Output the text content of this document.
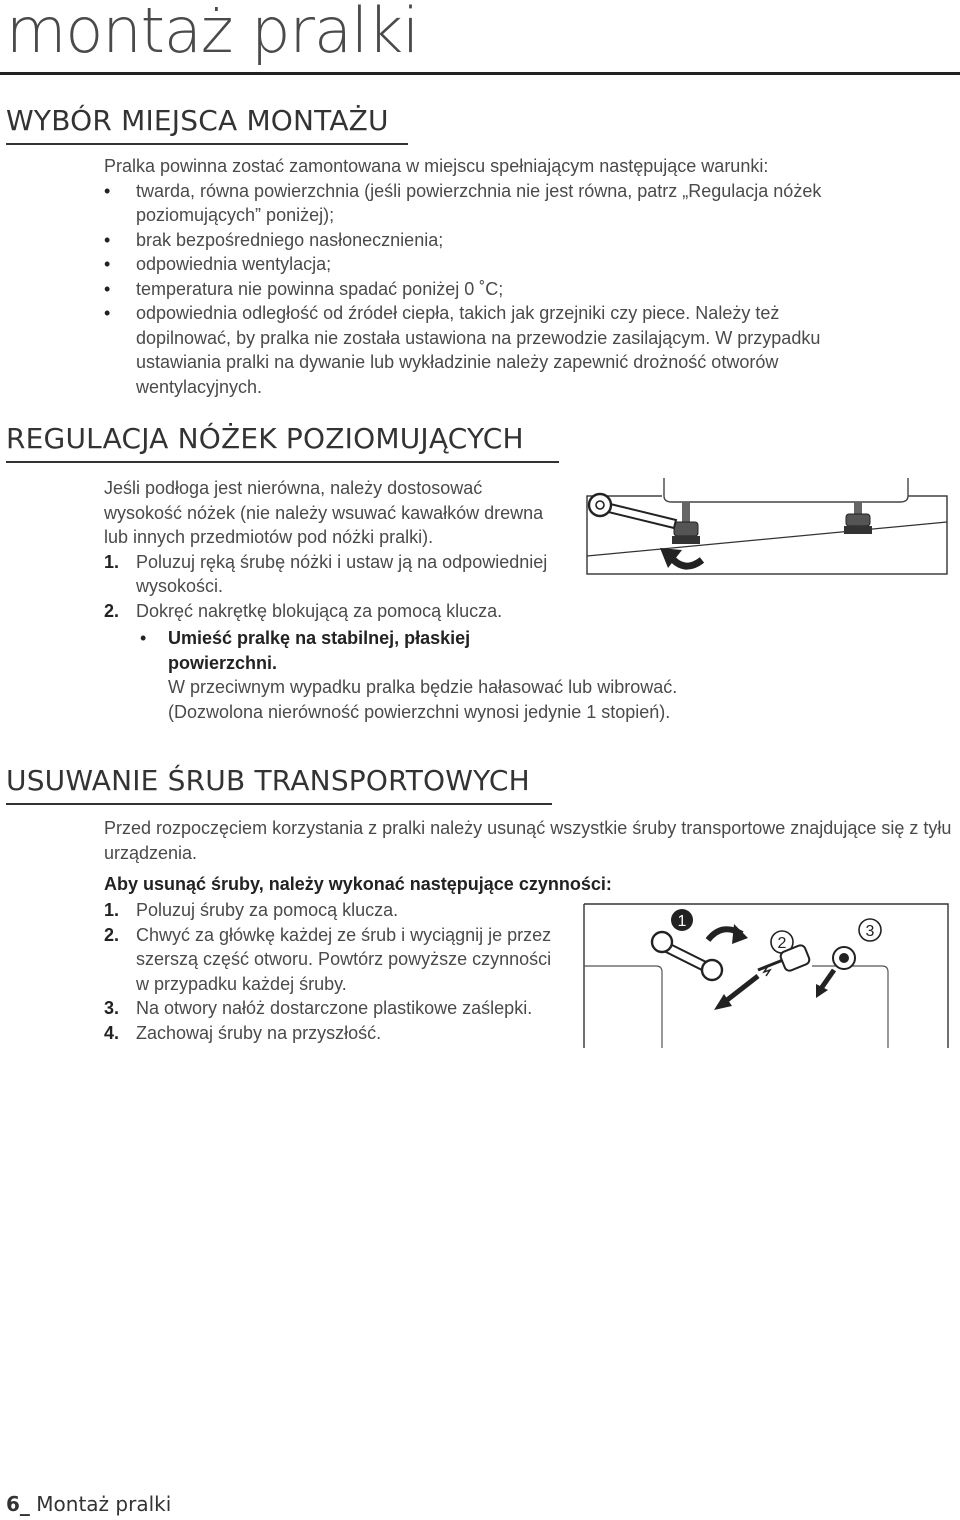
montaż pralki
WYBÓR MIEJSCA MONTAŻU

Pralka powinna zostać zamontowana w miejscu spełniającym następujące warunki:

• twarda, równa powierzchnia (jeśli powierzchnia nie jest równa, patrz „Regulacja nóżek poziomujących” poniżej);
• brak bezpośredniego nasłonecznienia;
• odpowiednia wentylacja;
• temperatura nie powinna spadać poniżej 0 ˚C;
• odpowiednia odległość od źródeł ciepła, takich jak grzejniki czy piece. Należy też dopilnować, by pralka nie została ustawiona na przewodzie zasilającym. W przypadku ustawiania pralki na dywanie lub wykładzinie należy zapewnić drożność otworów wentylacyjnych.
REGULACJA NÓŻEK POZIOMUJĄCYCH

Jeśli podłoga jest nierówna, należy dostosować wysokość nóżek (nie należy wsuwać kawałków drewna lub innych przedmiotów pod nóżki pralki).

1. Poluzuj ręką śrubę nóżki i ustaw ją na odpowiedniej wysokości.
2. Dokręć nakrętkę blokującą za pomocą klucza.
• Umieść pralkę na stabilnej, płaskiej powierzchni.
W przeciwnym wypadku pralka będzie hałasować lub wibrować.
(Dozwolona nierówność powierzchni wynosi jedynie 1 stopień).
USUWANIE ŚRUB TRANSPORTOWYCH

Przed rozpoczęciem korzystania z pralki należy usunąć wszystkie śruby transportowe znajdujące się z tyłu urządzenia.

Aby usunąć śruby, należy wykonać następujące czynności:

1. Poluzuj śruby za pomocą klucza.
2. Chwyć za główkę każdej ze śrub i wyciągnij je przez szerszą część otworu. Powtórz powyższe czynności w przypadku każdej śruby.
3. Na otwory nałóż dostarczone plastikowe zaślepki.
4. Zachowaj śruby na przyszłość.
1
2
3
6_ Montaż pralki
